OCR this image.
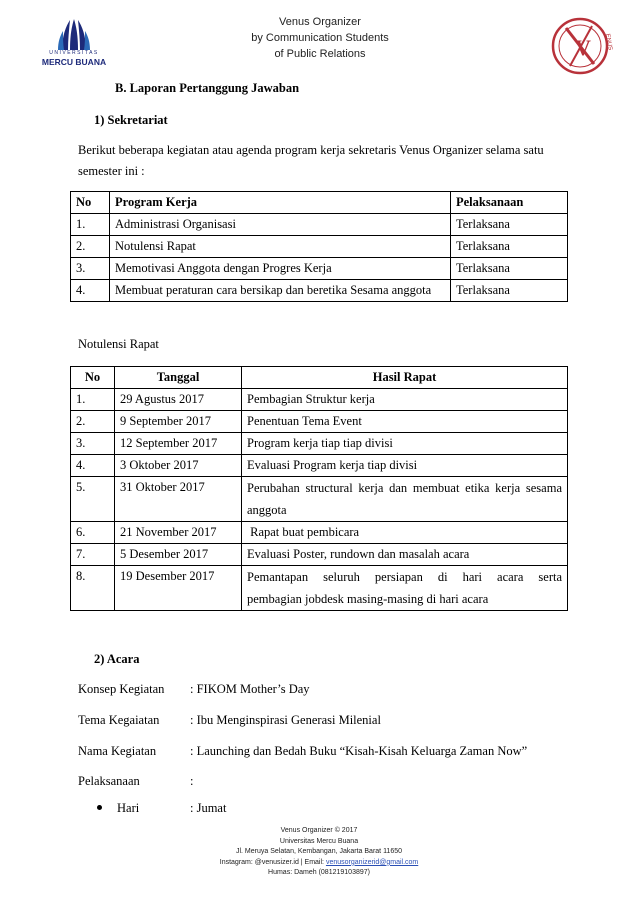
UNIVERSITAS
MERCU BUANA
Venus Organizer
by Communication Students
of Public Relations	V ENUS
B. Laporan Pertanggung Jawaban
1) Sekretariat
Berikut beberapa kegiatan atau agenda program kerja sekretaris Venus Organizer selama satu
semester ini :
No	Program Kerja	Pelaksanaan
1.	Administrasi Organisasi	Terlaksana
2.	Notulensi Rapat	Terlaksana
3.	Memotivasi Anggota dengan Progres Kerja	Terlaksana
4.	Membuat peraturan cara bersikap dan beretika Sesama anggota	Terlaksana
Notulensi Rapat
No	Tanggal	Hasil Rapat
1.	29 Agustus 2017	Pembagian Struktur kerja
2.	9 September 2017	Penentuan Tema Event
3.	12 September 2017	Program kerja tiap tiap divisi
4.	3 Oktober 2017	Evaluasi Program kerja tiap divisi
5.	31 Oktober 2017	Perubahan structural kerja dan membuat etika kerja sesama
anggota

6.	21 November 2017	Rapat buat pembicara
7.	5 Desember 2017	Evaluasi Poster, rundown dan masalah acara
8.	19 Desember 2017	Pemantapan seluruh persiapan di hari acara serta
pembagian jobdesk masing-masing di hari acara
2) Acara
Konsep Kegiatan : FIKOM Mother’s Day
Tema Kegaiatan : Ibu Menginspirasi Generasi Milenial
Nama Kegiatan	: Launching dan Bedah Buku “Kisah-Kisah Keluarga Zaman Now”
Pelaksanaan	:
Hari	: Jumat
Venus Organizer © 2017
Universitas Mercu Buana
Jl. Meruya Selatan, Kembangan, Jakarta Barat 11650
Instagram: @venusizer.id | Email: venusorganizerid@gmail.com
Humas: Dameh (081219103897)
